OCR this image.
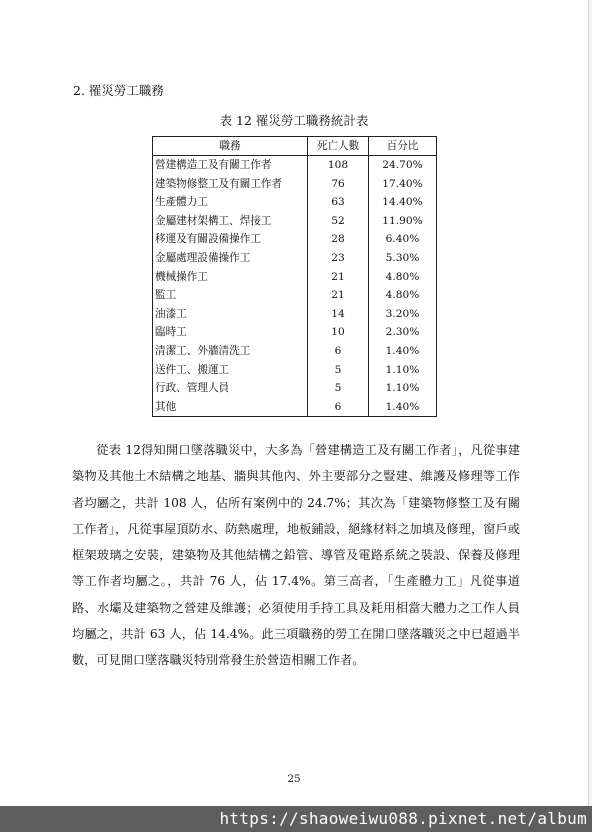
2. 罹災勞工職務
表 12 罹災勞工職務統計表
職務	死亡人數	百分比
營建構造工及有關工作者	108	24.70%
建築物修整工及有關工作者	76	17.40%
生產體力工	63	14.40%
金屬建材架構工、焊接工	52	11.90%
移運及有關設備操作工	28	6.40%
金屬處理設備操作工	23	5.30%
機械操作工	21	4.80%
監工	21	4.80%
油漆工	14	3.20%
臨時工	10	2.30%
清潔工、外牆清洗工	6	1.40%
送件工、搬運工	5	1.10%
行政、管理人員	5	1.10%
其他	6	1.40%

從表 12得知開口墜落職災中，大多為「營建構造工及有關工作者」，凡從事建築物及其他土木結構之地基、牆與其他內、外主要部分之豎建、維護及修理等工作者均屬之，共計 108 人，佔所有案例中的 24.7%；其次為「建築物修整工及有關工作者」，凡從事屋頂防水、防熱處理，地板鋪設，絕緣材料之加填及修理，窗戶或框架玻璃之安裝，建築物及其他結構之鉛管、導管及電路系統之裝設、保養及修理等工作者均屬之。，共計 76 人，佔 17.4%。第三高者，「生產體力工」凡從事道路、水壩及建築物之營建及維護；必須使用手持工具及耗用相當大體力之工作人員均屬之，共計 63 人，佔 14.4%。此三項職務的勞工在開口墜落職災之中已超過半數，可見開口墜落職災特別常發生於營造相關工作者。

25
https://shaoweiwu088.pixnet.net/album
